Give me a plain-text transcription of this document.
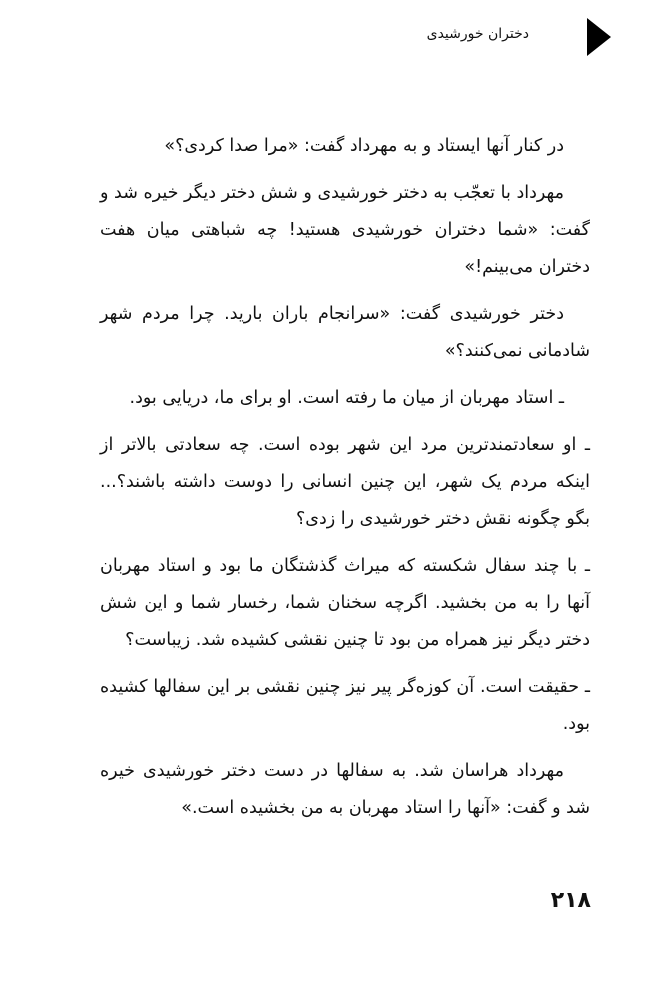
دختران خورشیدی

در کنار آنها ایستاد و به مهرداد گفت: «مرا صدا کردی؟»

مهرداد با تعجّب به دختر خورشیدی و شش دختر دیگر خیره شد و گفت: «شما دختران خورشیدی هستید! چه شباهتی میان هفت دختران می‌بینم!»

دختر خورشیدی گفت: «سرانجام باران بارید. چرا مردم شهر شادمانی نمی‌کنند؟»

ـ استاد مهربان از میان ما رفته است. او برای ما، دریایی بود.

ـ او سعادتمندترین مرد این شهر بوده است. چه سعادتی بالاتر از اینکه مردم یک شهر، این چنین انسانی را دوست داشته باشند؟... بگو چگونه نقش دختر خورشیدی را زدی؟

ـ با چند سفال شکسته که میراث گذشتگان ما بود و استاد مهربان آنها را به من بخشید. اگرچه سخنان شما، رخسار شما و این شش دختر دیگر نیز همراه من بود تا چنین نقشی کشیده شد. زیباست؟

ـ حقیقت است. آن کوزه‌گر پیر نیز چنین نقشی بر این سفالها کشیده بود.

مهرداد هراسان شد. به سفالها در دست دختر خورشیدی خیره شد و گفت: «آنها را استاد مهربان به من بخشیده است.»

۲۱۸
